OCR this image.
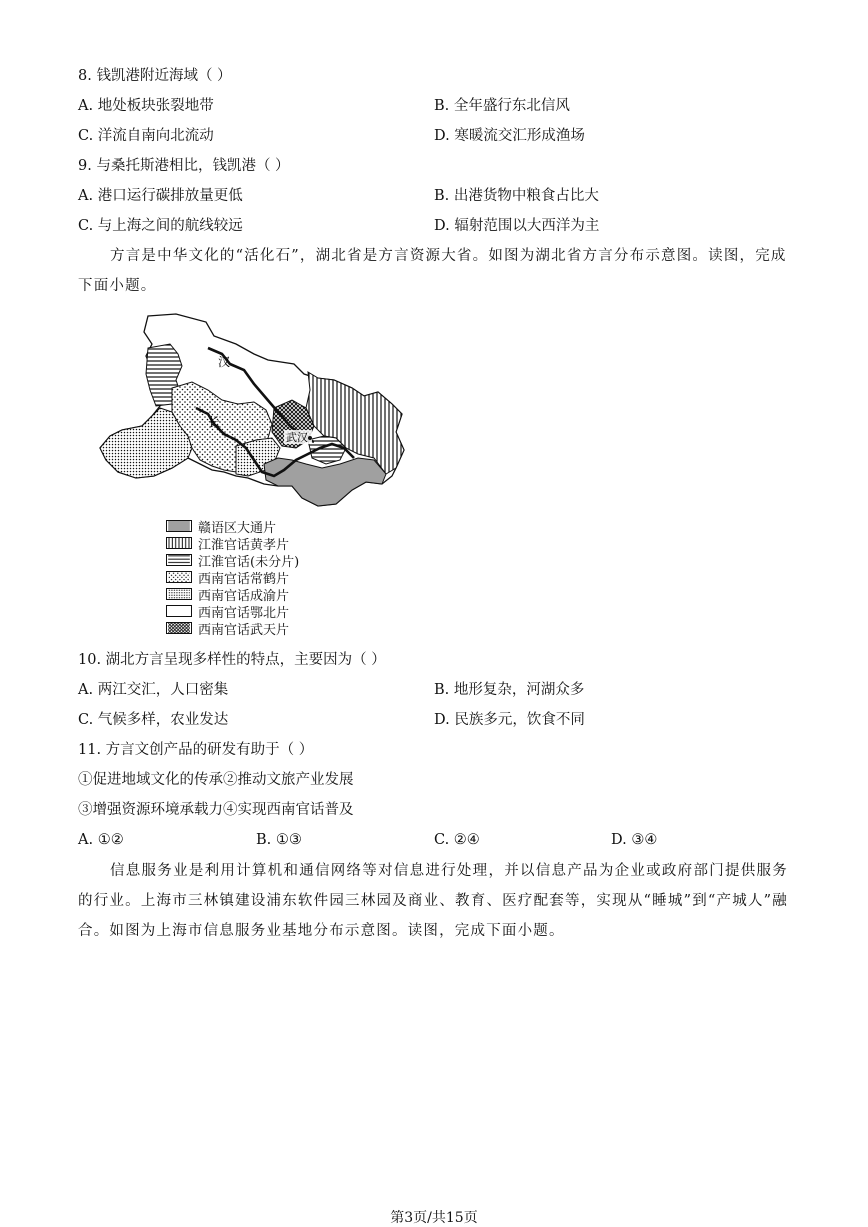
8. 钱凯港附近海域（ ）
A. 地处板块张裂地带	B. 全年盛行东北信风
C. 洋流自南向北流动	D. 寒暖流交汇形成渔场
9. 与桑托斯港相比，钱凯港（ ）
A. 港口运行碳排放量更低	B. 出港货物中粮食占比大
C. 与上海之间的航线较远	D. 辐射范围以大西洋为主
方言是中华文化的“活化石”，湖北省是方言资源大省。如图为湖北省方言分布示意图。读图，完成
下面小题。
汉
长
武汉
赣语区大通片
江淮官话黄孝片
江淮官话(未分片)
西南官话常鹤片
西南官话成渝片
西南官话鄂北片
西南官话武天片
10. 湖北方言呈现多样性的特点，主要因为（ ）
A. 两江交汇，人口密集	B. 地形复杂，河湖众多
C. 气候多样，农业发达	D. 民族多元，饮食不同
11. 方言文创产品的研发有助于（ ）
①促进地域文化的传承②推动文旅产业发展
③增强资源环境承载力④实现西南官话普及
A. ①②	B. ①③	C. ②④	D. ③④
信息服务业是利用计算机和通信网络等对信息进行处理，并以信息产品为企业或政府部门提供服务的行业。上海市三林镇建设浦东软件园三林园及商业、教育、医疗配套等，实现从“睡城”到“产城人”融合。如图为上海市信息服务业基地分布示意图。读图，完成下面小题。
第3页/共15页
